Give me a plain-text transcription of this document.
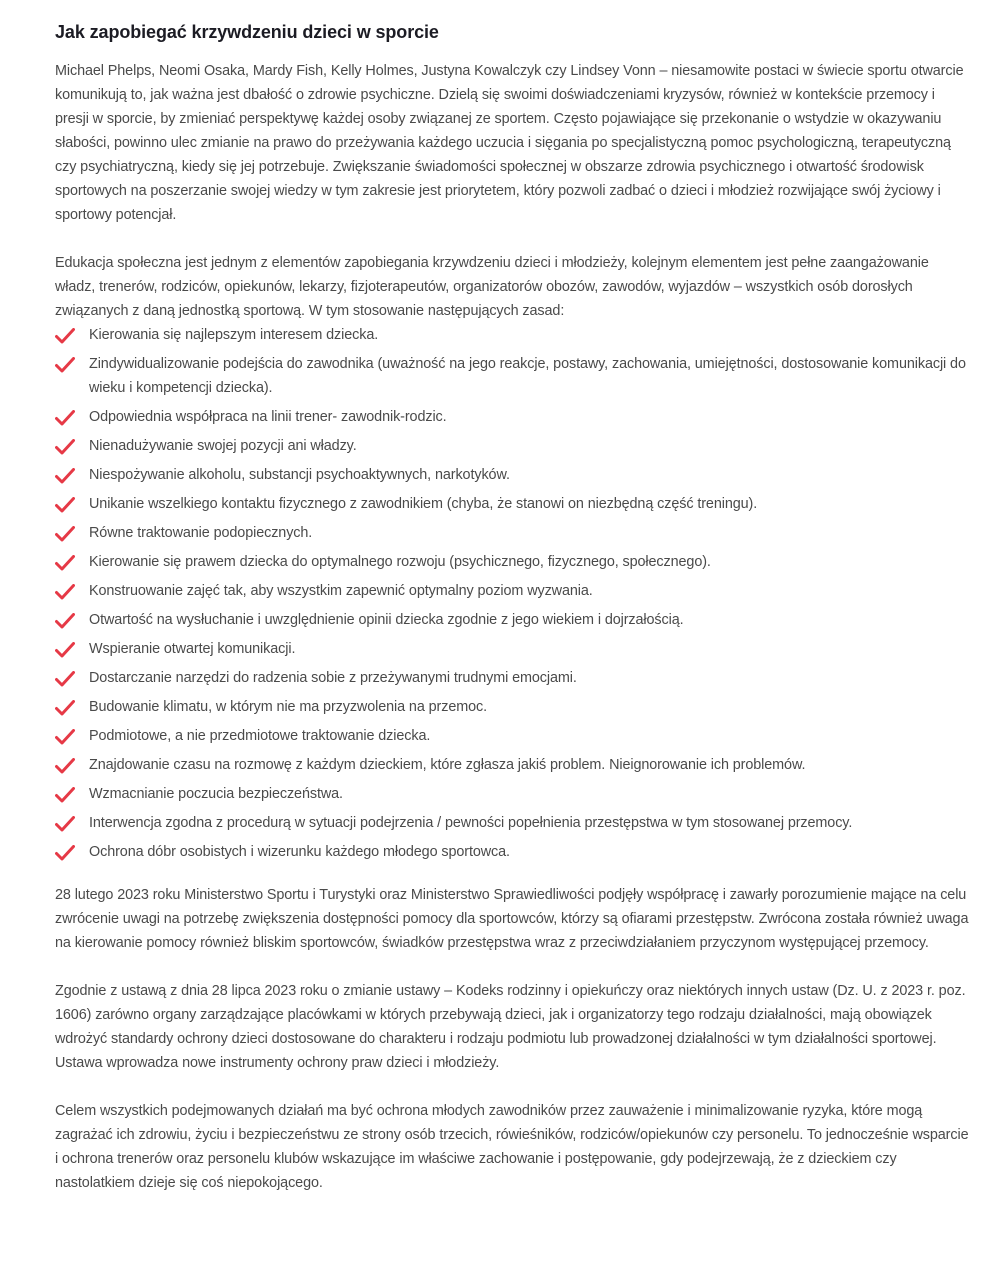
Jak zapobiegać krzywdzeniu dzieci w sporcie

Michael Phelps, Neomi Osaka, Mardy Fish, Kelly Holmes, Justyna Kowalczyk czy Lindsey Vonn – niesamowite postaci w świecie sportu otwarcie komunikują to, jak ważna jest dbałość o zdrowie psychiczne. Dzielą się swoimi doświadczeniami kryzysów, również w kontekście przemocy i presji w sporcie, by zmieniać perspektywę każdej osoby związanej ze sportem. Często pojawiające się przekonanie o wstydzie w okazywaniu słabości, powinno ulec zmianie na prawo do przeżywania każdego uczucia i sięgania po specjalistyczną pomoc psychologiczną, terapeutyczną czy psychiatryczną, kiedy się jej potrzebuje. Zwiększanie świadomości społecznej w obszarze zdrowia psychicznego i otwartość środowisk sportowych na poszerzanie swojej wiedzy w tym zakresie jest priorytetem, który pozwoli zadbać o dzieci i młodzież rozwijające swój życiowy i sportowy potencjał.

Edukacja społeczna jest jednym z elementów zapobiegania krzywdzeniu dzieci i młodzieży, kolejnym elementem jest pełne zaangażowanie władz, trenerów, rodziców, opiekunów, lekarzy, fizjoterapeutów, organizatorów obozów, zawodów, wyjazdów – wszystkich osób dorosłych związanych z daną jednostką sportową. W tym stosowanie następujących zasad:

Kierowania się najlepszym interesem dziecka.
Zindywidualizowanie podejścia do zawodnika (uważność na jego reakcje, postawy, zachowania, umiejętności, dostosowanie komunikacji do wieku i kompetencji dziecka).
Odpowiednia współpraca na linii trener- zawodnik-rodzic.
Nienadużywanie swojej pozycji ani władzy.
Niespożywanie alkoholu, substancji psychoaktywnych, narkotyków.
Unikanie wszelkiego kontaktu fizycznego z zawodnikiem (chyba, że stanowi on niezbędną część treningu).
Równe traktowanie podopiecznych.
Kierowanie się prawem dziecka do optymalnego rozwoju (psychicznego, fizycznego, społecznego).
Konstruowanie zajęć tak, aby wszystkim zapewnić optymalny poziom wyzwania.
Otwartość na wysłuchanie i uwzględnienie opinii dziecka zgodnie z jego wiekiem i dojrzałością.
Wspieranie otwartej komunikacji.
Dostarczanie narzędzi do radzenia sobie z przeżywanymi trudnymi emocjami.
Budowanie klimatu, w którym nie ma przyzwolenia na przemoc.
Podmiotowe, a nie przedmiotowe traktowanie dziecka.
Znajdowanie czasu na rozmowę z każdym dzieckiem, które zgłasza jakiś problem. Nieignorowanie ich problemów.
Wzmacnianie poczucia bezpieczeństwa.
Interwencja zgodna z procedurą w sytuacji podejrzenia / pewności popełnienia przestępstwa w tym stosowanej przemocy.
Ochrona dóbr osobistych i wizerunku każdego młodego sportowca.

28 lutego 2023 roku Ministerstwo Sportu i Turystyki oraz Ministerstwo Sprawiedliwości podjęły współpracę i zawarły porozumienie mające na celu zwrócenie uwagi na potrzebę zwiększenia dostępności pomocy dla sportowców, którzy są ofiarami przestępstw. Zwrócona została również uwaga na kierowanie pomocy również bliskim sportowców, świadków przestępstwa wraz z przeciwdziałaniem przyczynom występującej przemocy.

Zgodnie z ustawą z dnia 28 lipca 2023 roku o zmianie ustawy – Kodeks rodzinny i opiekuńczy oraz niektórych innych ustaw (Dz. U. z 2023 r. poz. 1606) zarówno organy zarządzające placówkami w których przebywają dzieci, jak i organizatorzy tego rodzaju działalności, mają obowiązek wdrożyć standardy ochrony dzieci dostosowane do charakteru i rodzaju podmiotu lub prowadzonej działalności w tym działalności sportowej. Ustawa wprowadza nowe instrumenty ochrony praw dzieci i młodzieży.

Celem wszystkich podejmowanych działań ma być ochrona młodych zawodników przez zauważenie i minimalizowanie ryzyka, które mogą zagrażać ich zdrowiu, życiu i bezpieczeństwu ze strony osób trzecich, rówieśników, rodziców/opiekunów czy personelu. To jednocześnie wsparcie i ochrona trenerów oraz personelu klubów wskazujące im właściwe zachowanie i postępowanie, gdy podejrzewają, że z dzieckiem czy nastolatkiem dzieje się coś niepokojącego.
